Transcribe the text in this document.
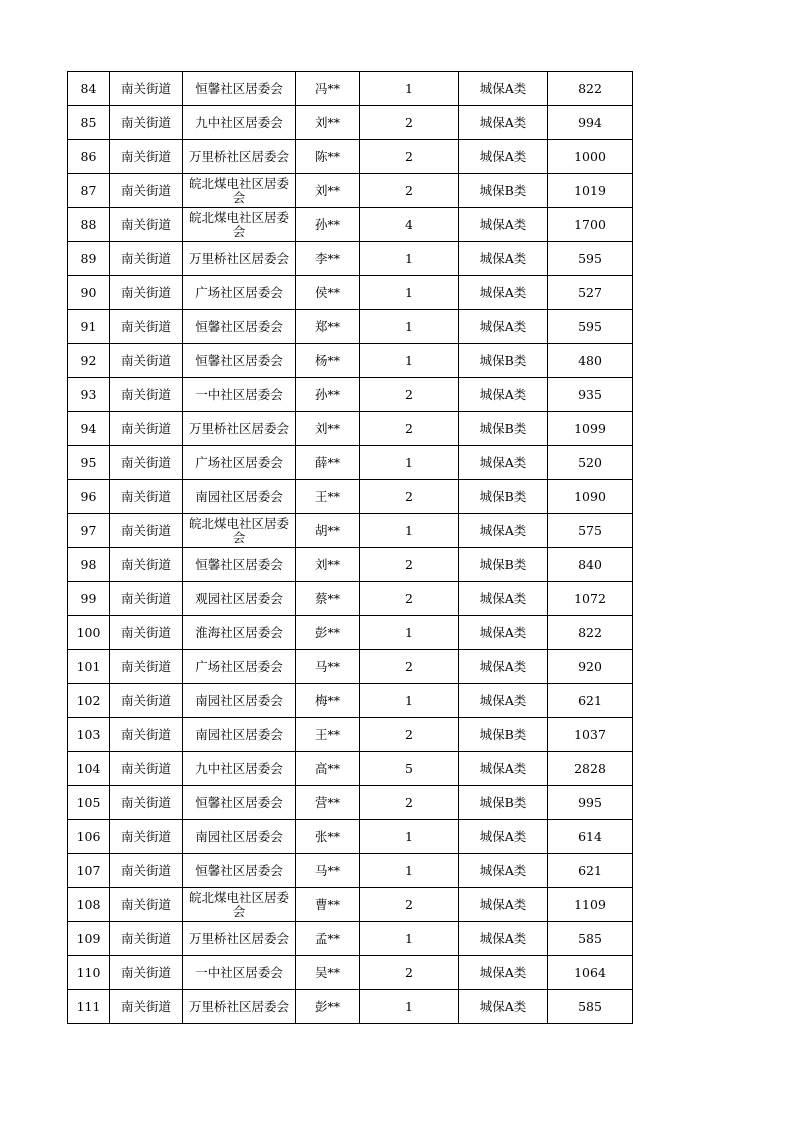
84	南关街道	恒馨社区居委会	冯**	1	城保A类	822
85	南关街道	九中社区居委会	刘**	2	城保A类	994
86	南关街道	万里桥社区居委会	陈**	2	城保A类	1000
87	南关街道	皖北煤电社区居委会	刘**	2	城保B类	1019
88	南关街道	皖北煤电社区居委会	孙**	4	城保A类	1700
89	南关街道	万里桥社区居委会	李**	1	城保A类	595
90	南关街道	广场社区居委会	侯**	1	城保A类	527
91	南关街道	恒馨社区居委会	郑**	1	城保A类	595
92	南关街道	恒馨社区居委会	杨**	1	城保B类	480
93	南关街道	一中社区居委会	孙**	2	城保A类	935
94	南关街道	万里桥社区居委会	刘**	2	城保B类	1099
95	南关街道	广场社区居委会	薛**	1	城保A类	520
96	南关街道	南园社区居委会	王**	2	城保B类	1090
97	南关街道	皖北煤电社区居委会	胡**	1	城保A类	575
98	南关街道	恒馨社区居委会	刘**	2	城保B类	840
99	南关街道	观园社区居委会	蔡**	2	城保A类	1072
100	南关街道	淮海社区居委会	彭**	1	城保A类	822
101	南关街道	广场社区居委会	马**	2	城保A类	920
102	南关街道	南园社区居委会	梅**	1	城保A类	621
103	南关街道	南园社区居委会	王**	2	城保B类	1037
104	南关街道	九中社区居委会	高**	5	城保A类	2828
105	南关街道	恒馨社区居委会	营**	2	城保B类	995
106	南关街道	南园社区居委会	张**	1	城保A类	614
107	南关街道	恒馨社区居委会	马**	1	城保A类	621
108	南关街道	皖北煤电社区居委会	曹**	2	城保A类	1109
109	南关街道	万里桥社区居委会	孟**	1	城保A类	585
110	南关街道	一中社区居委会	吴**	2	城保A类	1064
111	南关街道	万里桥社区居委会	彭**	1	城保A类	585
